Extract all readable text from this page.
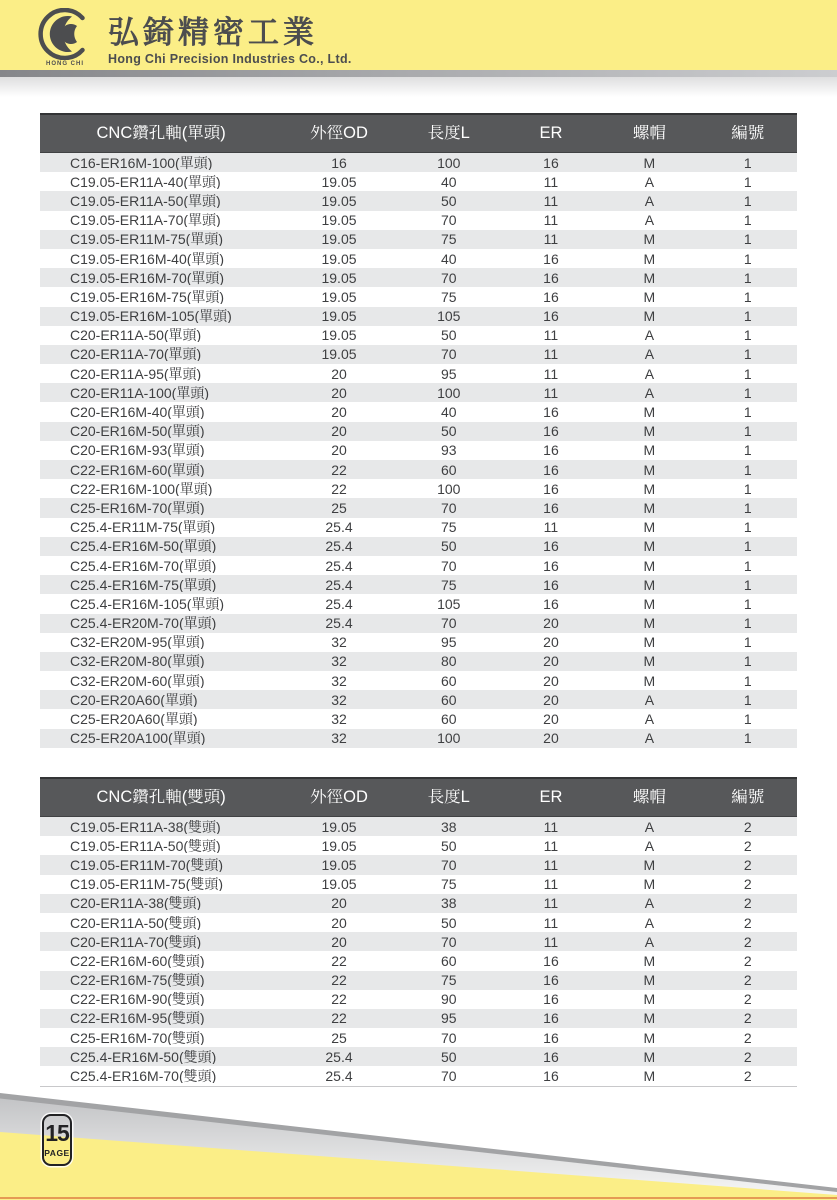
HONG CHI
弘錡精密工業
Hong Chi Precision Industries Co., Ltd.
CNC鑽孔軸(單頭)	外徑OD	長度L	ER	螺帽	編號
C16-ER16M-100(單頭)	16	100	16	M	1
C19.05-ER11A-40(單頭)	19.05	40	11	A	1
C19.05-ER11A-50(單頭)	19.05	50	11	A	1
C19.05-ER11A-70(單頭)	19.05	70	11	A	1
C19.05-ER11M-75(單頭)	19.05	75	11	M	1
C19.05-ER16M-40(單頭)	19.05	40	16	M	1
C19.05-ER16M-70(單頭)	19.05	70	16	M	1
C19.05-ER16M-75(單頭)	19.05	75	16	M	1
C19.05-ER16M-105(單頭)	19.05	105	16	M	1
C20-ER11A-50(單頭)	19.05	50	11	A	1
C20-ER11A-70(單頭)	19.05	70	11	A	1
C20-ER11A-95(單頭)	20	95	11	A	1
C20-ER11A-100(單頭)	20	100	11	A	1
C20-ER16M-40(單頭)	20	40	16	M	1
C20-ER16M-50(單頭)	20	50	16	M	1
C20-ER16M-93(單頭)	20	93	16	M	1
C22-ER16M-60(單頭)	22	60	16	M	1
C22-ER16M-100(單頭)	22	100	16	M	1
C25-ER16M-70(單頭)	25	70	16	M	1
C25.4-ER11M-75(單頭)	25.4	75	11	M	1
C25.4-ER16M-50(單頭)	25.4	50	16	M	1
C25.4-ER16M-70(單頭)	25.4	70	16	M	1
C25.4-ER16M-75(單頭)	25.4	75	16	M	1
C25.4-ER16M-105(單頭)	25.4	105	16	M	1
C25.4-ER20M-70(單頭)	25.4	70	20	M	1
C32-ER20M-95(單頭)	32	95	20	M	1
C32-ER20M-80(單頭)	32	80	20	M	1
C32-ER20M-60(單頭)	32	60	20	M	1
C20-ER20A60(單頭)	32	60	20	A	1
C25-ER20A60(單頭)	32	60	20	A	1
C25-ER20A100(單頭)	32	100	20	A	1
CNC鑽孔軸(雙頭)	外徑OD	長度L	ER	螺帽	編號
C19.05-ER11A-38(雙頭)	19.05	38	11	A	2
C19.05-ER11A-50(雙頭)	19.05	50	11	A	2
C19.05-ER11M-70(雙頭)	19.05	70	11	M	2
C19.05-ER11M-75(雙頭)	19.05	75	11	M	2
C20-ER11A-38(雙頭)	20	38	11	A	2
C20-ER11A-50(雙頭)	20	50	11	A	2
C20-ER11A-70(雙頭)	20	70	11	A	2
C22-ER16M-60(雙頭)	22	60	16	M	2
C22-ER16M-75(雙頭)	22	75	16	M	2
C22-ER16M-90(雙頭)	22	90	16	M	2
C22-ER16M-95(雙頭)	22	95	16	M	2
C25-ER16M-70(雙頭)	25	70	16	M	2
C25.4-ER16M-50(雙頭)	25.4	50	16	M	2
C25.4-ER16M-70(雙頭)	25.4	70	16	M	2
15
PAGE
